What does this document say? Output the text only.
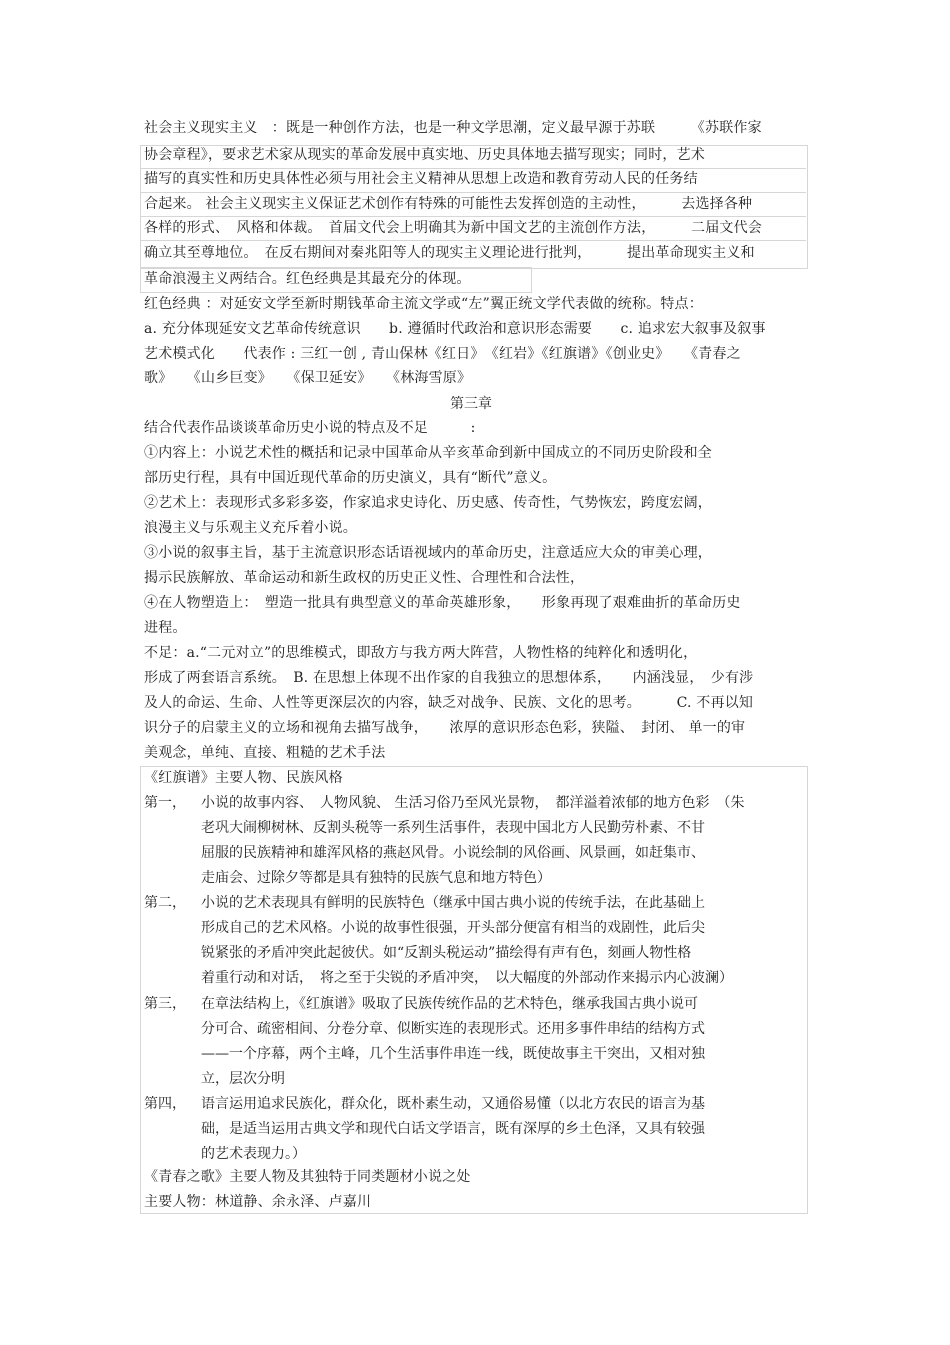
社会主义现实主义　：既是一种创作方法，也是一种文学思潮，定义最早源于苏联　　　《苏联作家
协会章程》，要求艺术家从现实的革命发展中真实地、历史具体地去描写现实；同时，艺术
描写的真实性和历史具体性必须与用社会主义精神从思想上改造和教育劳动人民的任务结
合起来。 社会主义现实主义保证艺术创作有特殊的可能性去发挥创造的主动性，　　　去选择各种
各样的形式、　风格和体裁。　首届文代会上明确其为新中国文艺的主流创作方法，　　　二届文代会
确立其至尊地位。　在反右期间对秦兆阳等人的现实主义理论进行批判，　　　提出革命现实主义和
革命浪漫主义两结合。红色经典是其最充分的体现。
红色经典 ：对延安文学至新时期钱革命主流文学或“左”翼正统文学代表做的统称。特点：
a. 充分体现延安文艺革命传统意识　　b. 遵循时代政治和意识形态需要　　c. 追求宏大叙事及叙事
艺术模式化　　代表作 : 三红一创 , 青山保林《红日》　《红岩》《红旗谱》《创业史》　　《青春之
歌》　　《山乡巨变》　　《保卫延安》　　《林海雪原》
第三章
结合代表作品谈谈革命历史小说的特点及不足　　　:
①内容上：小说艺术性的概括和记录中国革命从辛亥革命到新中国成立的不同历史阶段和全
部历史行程，具有中国近现代革命的历史演义，具有“断代”意义。
②艺术上：表现形式多彩多姿，作家追求史诗化、历史感、传奇性，气势恢宏，跨度宏阔，
浪漫主义与乐观主义充斥着小说。
③小说的叙事主旨，基于主流意识形态话语视域内的革命历史，注意适应大众的审美心理，
揭示民族解放、革命运动和新生政权的历史正义性、合理性和合法性，
④在人物塑造上：　塑造一批具有典型意义的革命英雄形象，　　形象再现了艰难曲折的革命历史
进程。
不足：a.“二元对立”的思维模式，即敌方与我方两大阵营，人物性格的纯粹化和透明化，
形成了两套语言系统。　B. 在思想上体现不出作家的自我独立的思想体系，　　内涵浅显，　少有涉
及人的命运、生命、人性等更深层次的内容，缺乏对战争、民族、文化的思考。　　　C. 不再以知
识分子的启蒙主义的立场和视角去描写战争，　　浓厚的意识形态色彩，狭隘、　封闭、 单一的审
美观念，单纯、直接、粗糙的艺术手法
《红旗谱》主要人物、民族风格
第一， 小说的故事内容、　人物风貌、 生活习俗乃至风光景物，　都洋溢着浓郁的地方色彩　（朱
老巩大闹柳树林、反割头税等一系列生活事件，表现中国北方人民勤劳朴素、不甘
屈服的民族精神和雄浑风格的燕赵风骨。小说绘制的风俗画、风景画，如赶集市、
走庙会、过除夕等都是具有独特的民族气息和地方特色）
第二， 小说的艺术表现具有鲜明的民族特色（继承中国古典小说的传统手法，在此基础上
形成自己的艺术风格。小说的故事性很强，开头部分便富有相当的戏剧性，此后尖
锐紧张的矛盾冲突此起彼伏。如“反割头税运动”描绘得有声有色，刻画人物性格
着重行动和对话，　将之至于尖锐的矛盾冲突，　以大幅度的外部动作来揭示内心波澜）
第三， 在章法结构上，《红旗谱》吸取了民族传统作品的艺术特色，继承我国古典小说可
分可合、疏密相间、分卷分章、似断实连的表现形式。还用多事件串结的结构方式
——一个序幕，两个主峰，几个生活事件串连一线，既使故事主干突出，又相对独
立，层次分明
第四， 语言运用追求民族化，群众化，既朴素生动，又通俗易懂（以北方农民的语言为基
础，是适当运用古典文学和现代白话文学语言，既有深厚的乡土色泽，又具有较强
的艺术表现力。）
《青春之歌》主要人物及其独特于同类题材小说之处
主要人物：林道静、余永泽、卢嘉川
